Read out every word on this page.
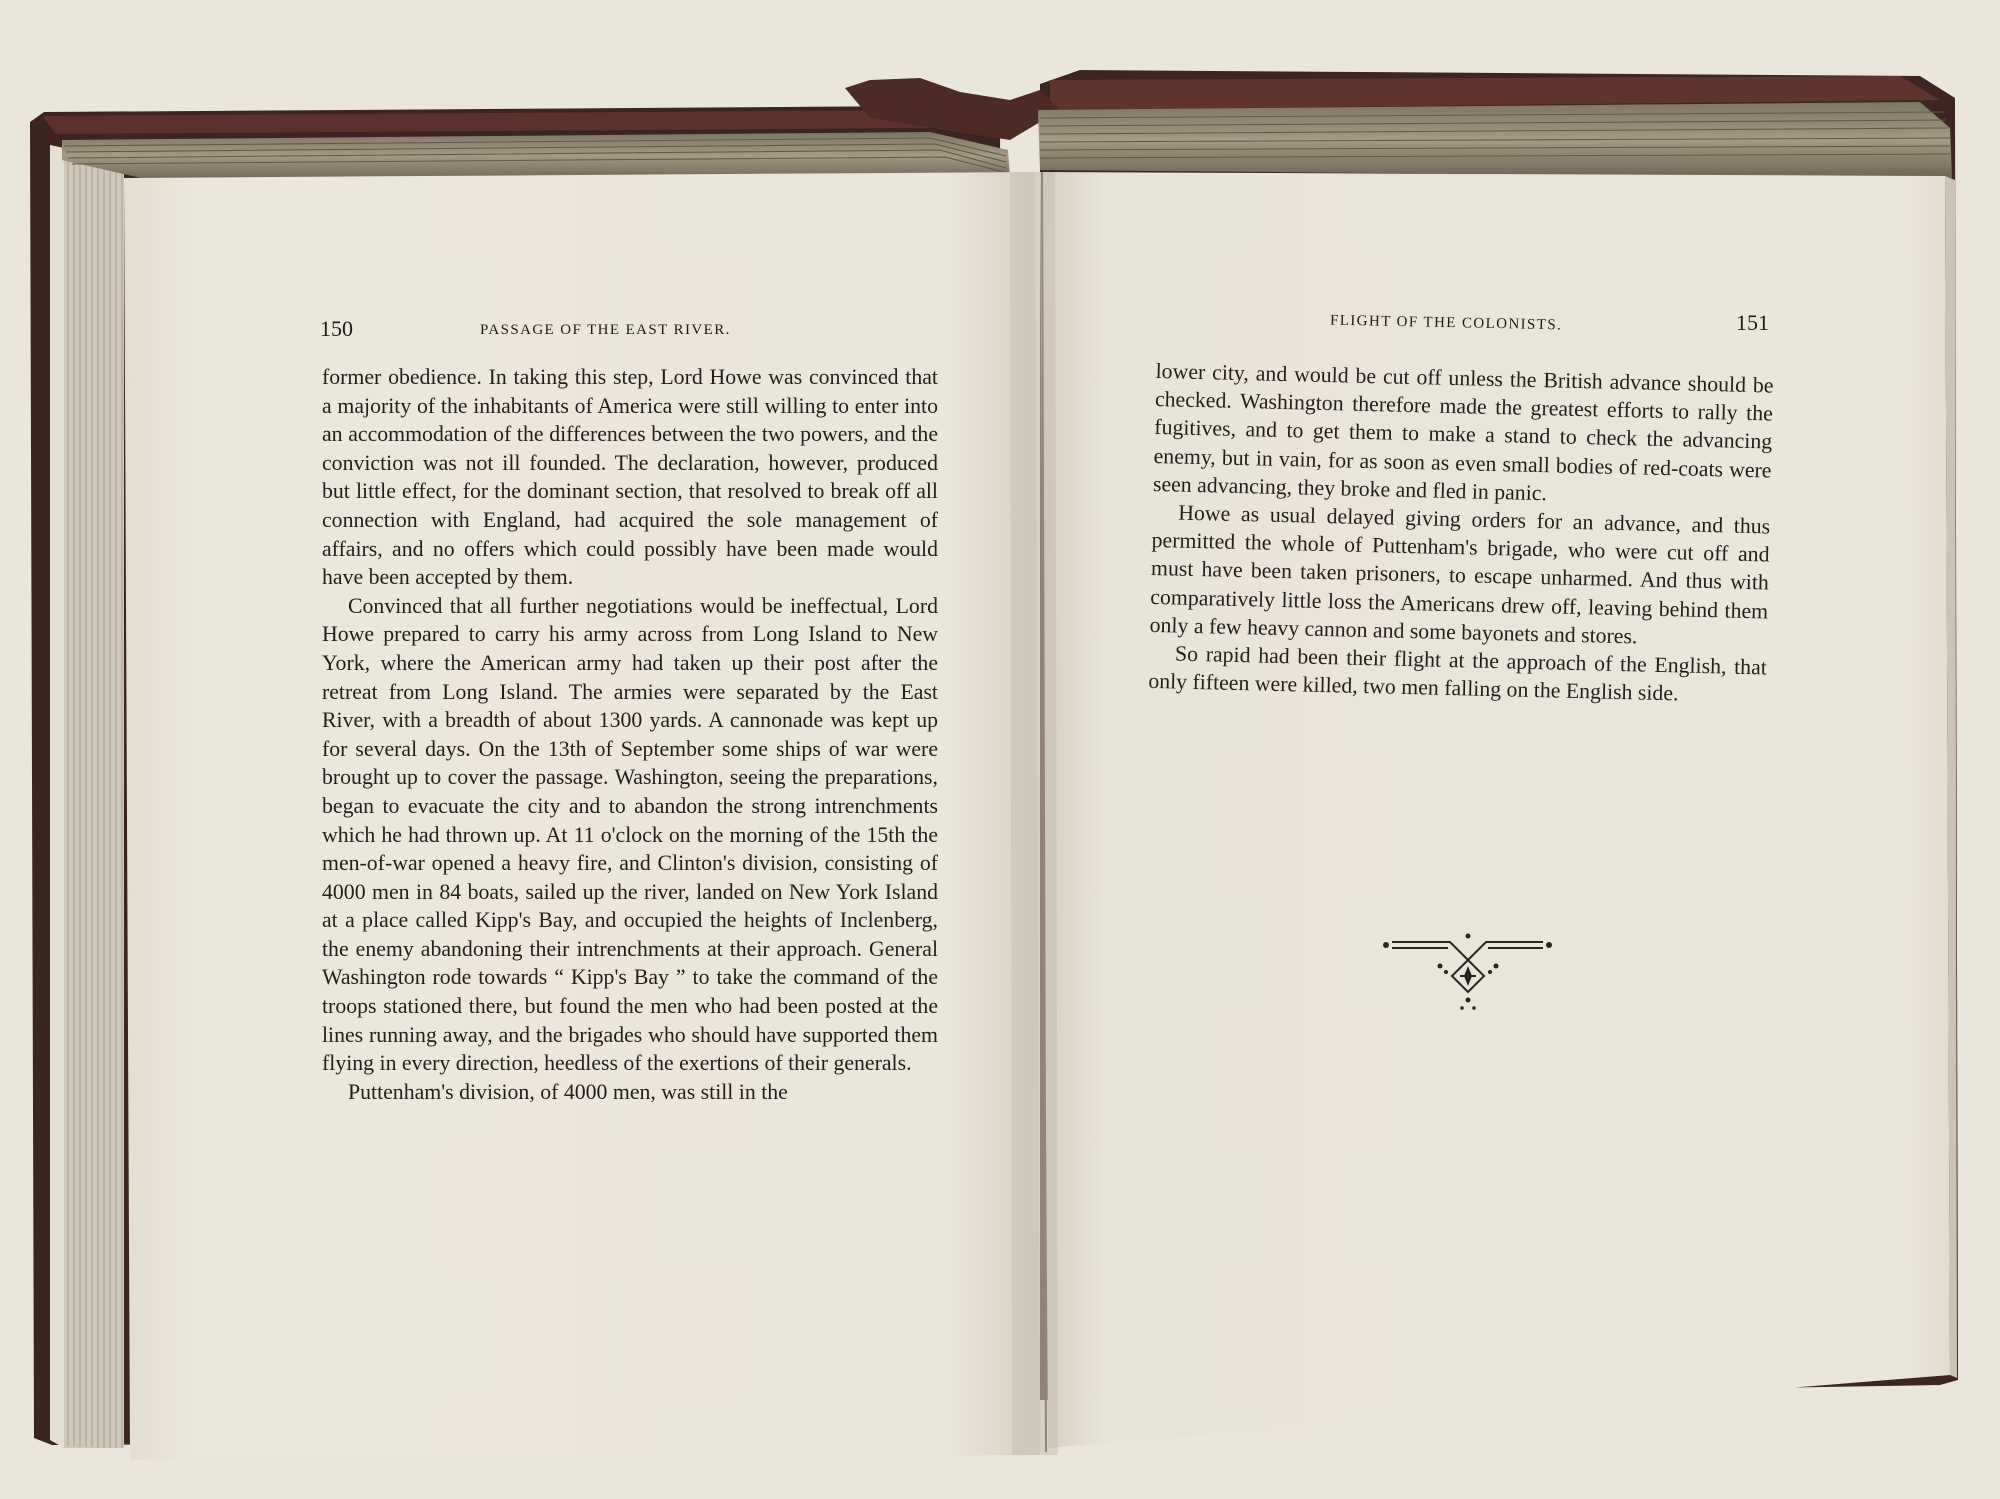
150	PASSAGE OF THE EAST RIVER.

former obedience. In taking this step, Lord Howe was convinced that a majority of the inhabitants of America were still willing to enter into an accommodation of the differences between the two powers, and the conviction was not ill founded. The declaration, however, produced but little effect, for the dominant section, that resolved to break off all connection with England, had acquired the sole management of affairs, and no offers which could possibly have been made would have been accepted by them.

Convinced that all further negotiations would be ineffectual, Lord Howe prepared to carry his army across from Long Island to New York, where the American army had taken up their post after the retreat from Long Island. The armies were separated by the East River, with a breadth of about 1300 yards. A cannonade was kept up for several days. On the 13th of September some ships of war were brought up to cover the passage. Washington, seeing the preparations, began to evacuate the city and to abandon the strong intrenchments which he had thrown up. At 11 o'clock on the morning of the 15th the men-of-war opened a heavy fire, and Clinton's division, consisting of 4000 men in 84 boats, sailed up the river, landed on New York Island at a place called Kipp's Bay, and occupied the heights of Inclenberg, the enemy abandoning their intrenchments at their approach. General Washington rode towards “ Kipp's Bay ” to take the command of the troops stationed there, but found the men who had been posted at the lines running away, and the brigades who should have supported them flying in every direction, heedless of the exertions of their generals.

Puttenham's division, of 4000 men, was still in the

FLIGHT OF THE COLONISTS.	151

lower city, and would be cut off unless the British advance should be checked. Washington therefore made the greatest efforts to rally the fugitives, and to get them to make a stand to check the advancing enemy, but in vain, for as soon as even small bodies of red-coats were seen advancing, they broke and fled in panic.

Howe as usual delayed giving orders for an advance, and thus permitted the whole of Puttenham's brigade, who were cut off and must have been taken prisoners, to escape unharmed. And thus with comparatively little loss the Americans drew off, leaving behind them only a few heavy cannon and some bayonets and stores.

So rapid had been their flight at the approach of the English, that only fifteen were killed, two men falling on the English side.
